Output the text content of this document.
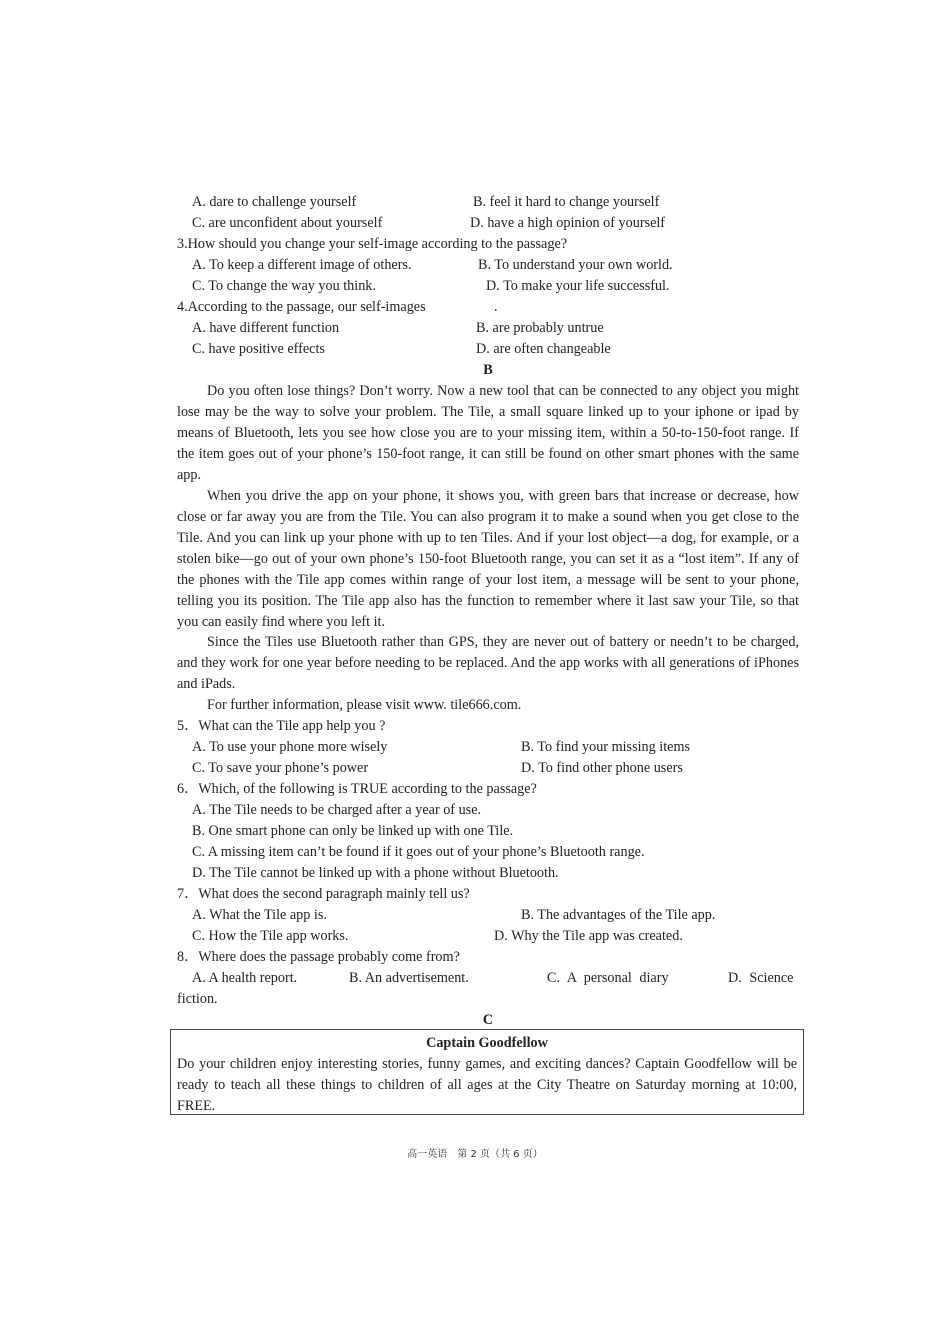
A. dare to challenge yourself	B. feel it hard to change yourself
C. are unconfident about yourself	D. have a high opinion of yourself
3.How should you change your self-image according to the passage?
A. To keep a different image of others.	B. To understand your own world.
C. To change the way you think.	D. To make your life successful.
4.According to the passage, our self-images	.
A. have different function	B. are probably untrue
C. have positive effects	D. are often changeable
B
Do you often lose things? Don’t worry. Now a new tool that can be connected to any object you might lose may be the way to solve your problem. The Tile, a small square linked up to your iphone or ipad by means of Bluetooth, lets you see how close you are to your missing item, within a 50-to-150-foot range. If the item goes out of your phone’s 150-foot range, it can still be found on other smart phones with the same app.
When you drive the app on your phone, it shows you, with green bars that increase or decrease, how close or far away you are from the Tile. You can also program it to make a sound when you get close to the Tile. And you can link up your phone with up to ten Tiles. And if your lost object—a dog, for example, or a stolen bike—go out of your own phone’s 150-foot Bluetooth range, you can set it as a “lost item”. If any of the phones with the Tile app comes within range of your lost item, a message will be sent to your phone, telling you its position. The Tile app also has the function to remember where it last saw your Tile, so that you can easily find where you left it.
Since the Tiles use Bluetooth rather than GPS, they are never out of battery or needn’t to be charged, and they work for one year before needing to be replaced. And the app works with all generations of iPhones and iPads.
For further information, please visit www. tile666.com.
5．What can the Tile app help you ?
A. To use your phone more wisely	B. To find your missing items
C. To save your phone’s power	D. To find other phone users
6．Which, of the following is TRUE according to the passage?
A. The Tile needs to be charged after a year of use.
B. One smart phone can only be linked up with one Tile.
C. A missing item can’t be found if it goes out of your phone’s Bluetooth range.
D. The Tile cannot be linked up with a phone without Bluetooth.
7．What does the second paragraph mainly tell us?
A. What the Tile app is.	B. The advantages of the Tile app.
C. How the Tile app works.	D. Why the Tile app was created.
8．Where does the passage probably come from?
A. A health report.	B. An advertisement.	C. A personal diary	D. Science
fiction.
C
Captain Goodfellow
Do your children enjoy interesting stories, funny games, and exciting dances? Captain Goodfellow will be ready to teach all these things to children of all ages at the City Theatre on Saturday morning at 10:00, FREE.
高一英语　第 2 页（共 6 页）
